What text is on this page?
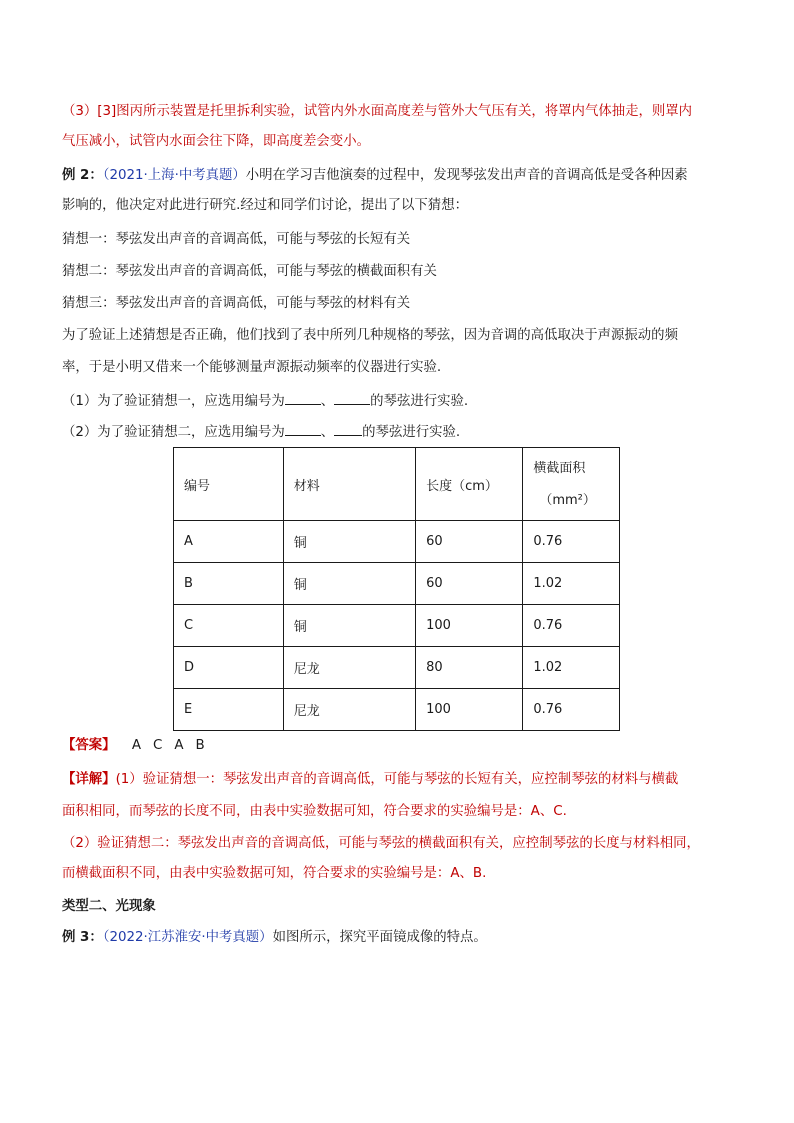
（3）[3]图丙所示装置是托里拆利实验，试管内外水面高度差与管外大气压有关，将罩内气体抽走，则罩内
气压减小，试管内水面会往下降，即高度差会变小。
例 2：（2021·上海·中考真题）小明在学习吉他演奏的过程中，发现琴弦发出声音的音调高低是受各种因素
影响的，他决定对此进行研究.经过和同学们讨论，提出了以下猜想：
猜想一：琴弦发出声音的音调高低，可能与琴弦的长短有关
猜想二：琴弦发出声音的音调高低，可能与琴弦的横截面积有关
猜想三：琴弦发出声音的音调高低，可能与琴弦的材料有关
为了验证上述猜想是否正确，他们找到了表中所列几种规格的琴弦，因为音调的高低取决于声源振动的频
率，于是小明又借来一个能够测量声源振动频率的仪器进行实验.
（1）为了验证猜想一，应选用编号为	、	的琴弦进行实验.
（2）为了验证猜想二，应选用编号为	、 的琴弦进行实验.
编号	材料	长度（cm）	横截面积
（mm²）

A	铜	60	0.76
B	铜	60	1.02
C	铜	100	0.76
D	尼龙	80	1.02
E	尼龙	100	0.76
【答案】 A C A B
【详解】(1）验证猜想一：琴弦发出声音的音调高低，可能与琴弦的长短有关，应控制琴弦的材料与横截
面积相同，而琴弦的长度不同，由表中实验数据可知，符合要求的实验编号是：A、C.
（2）验证猜想二：琴弦发出声音的音调高低，可能与琴弦的横截面积有关，应控制琴弦的长度与材料相同，
而横截面积不同，由表中实验数据可知，符合要求的实验编号是：A、B.
类型二、光现象
例 3：（2022·江苏淮安·中考真题）如图所示，探究平面镜成像的特点。
